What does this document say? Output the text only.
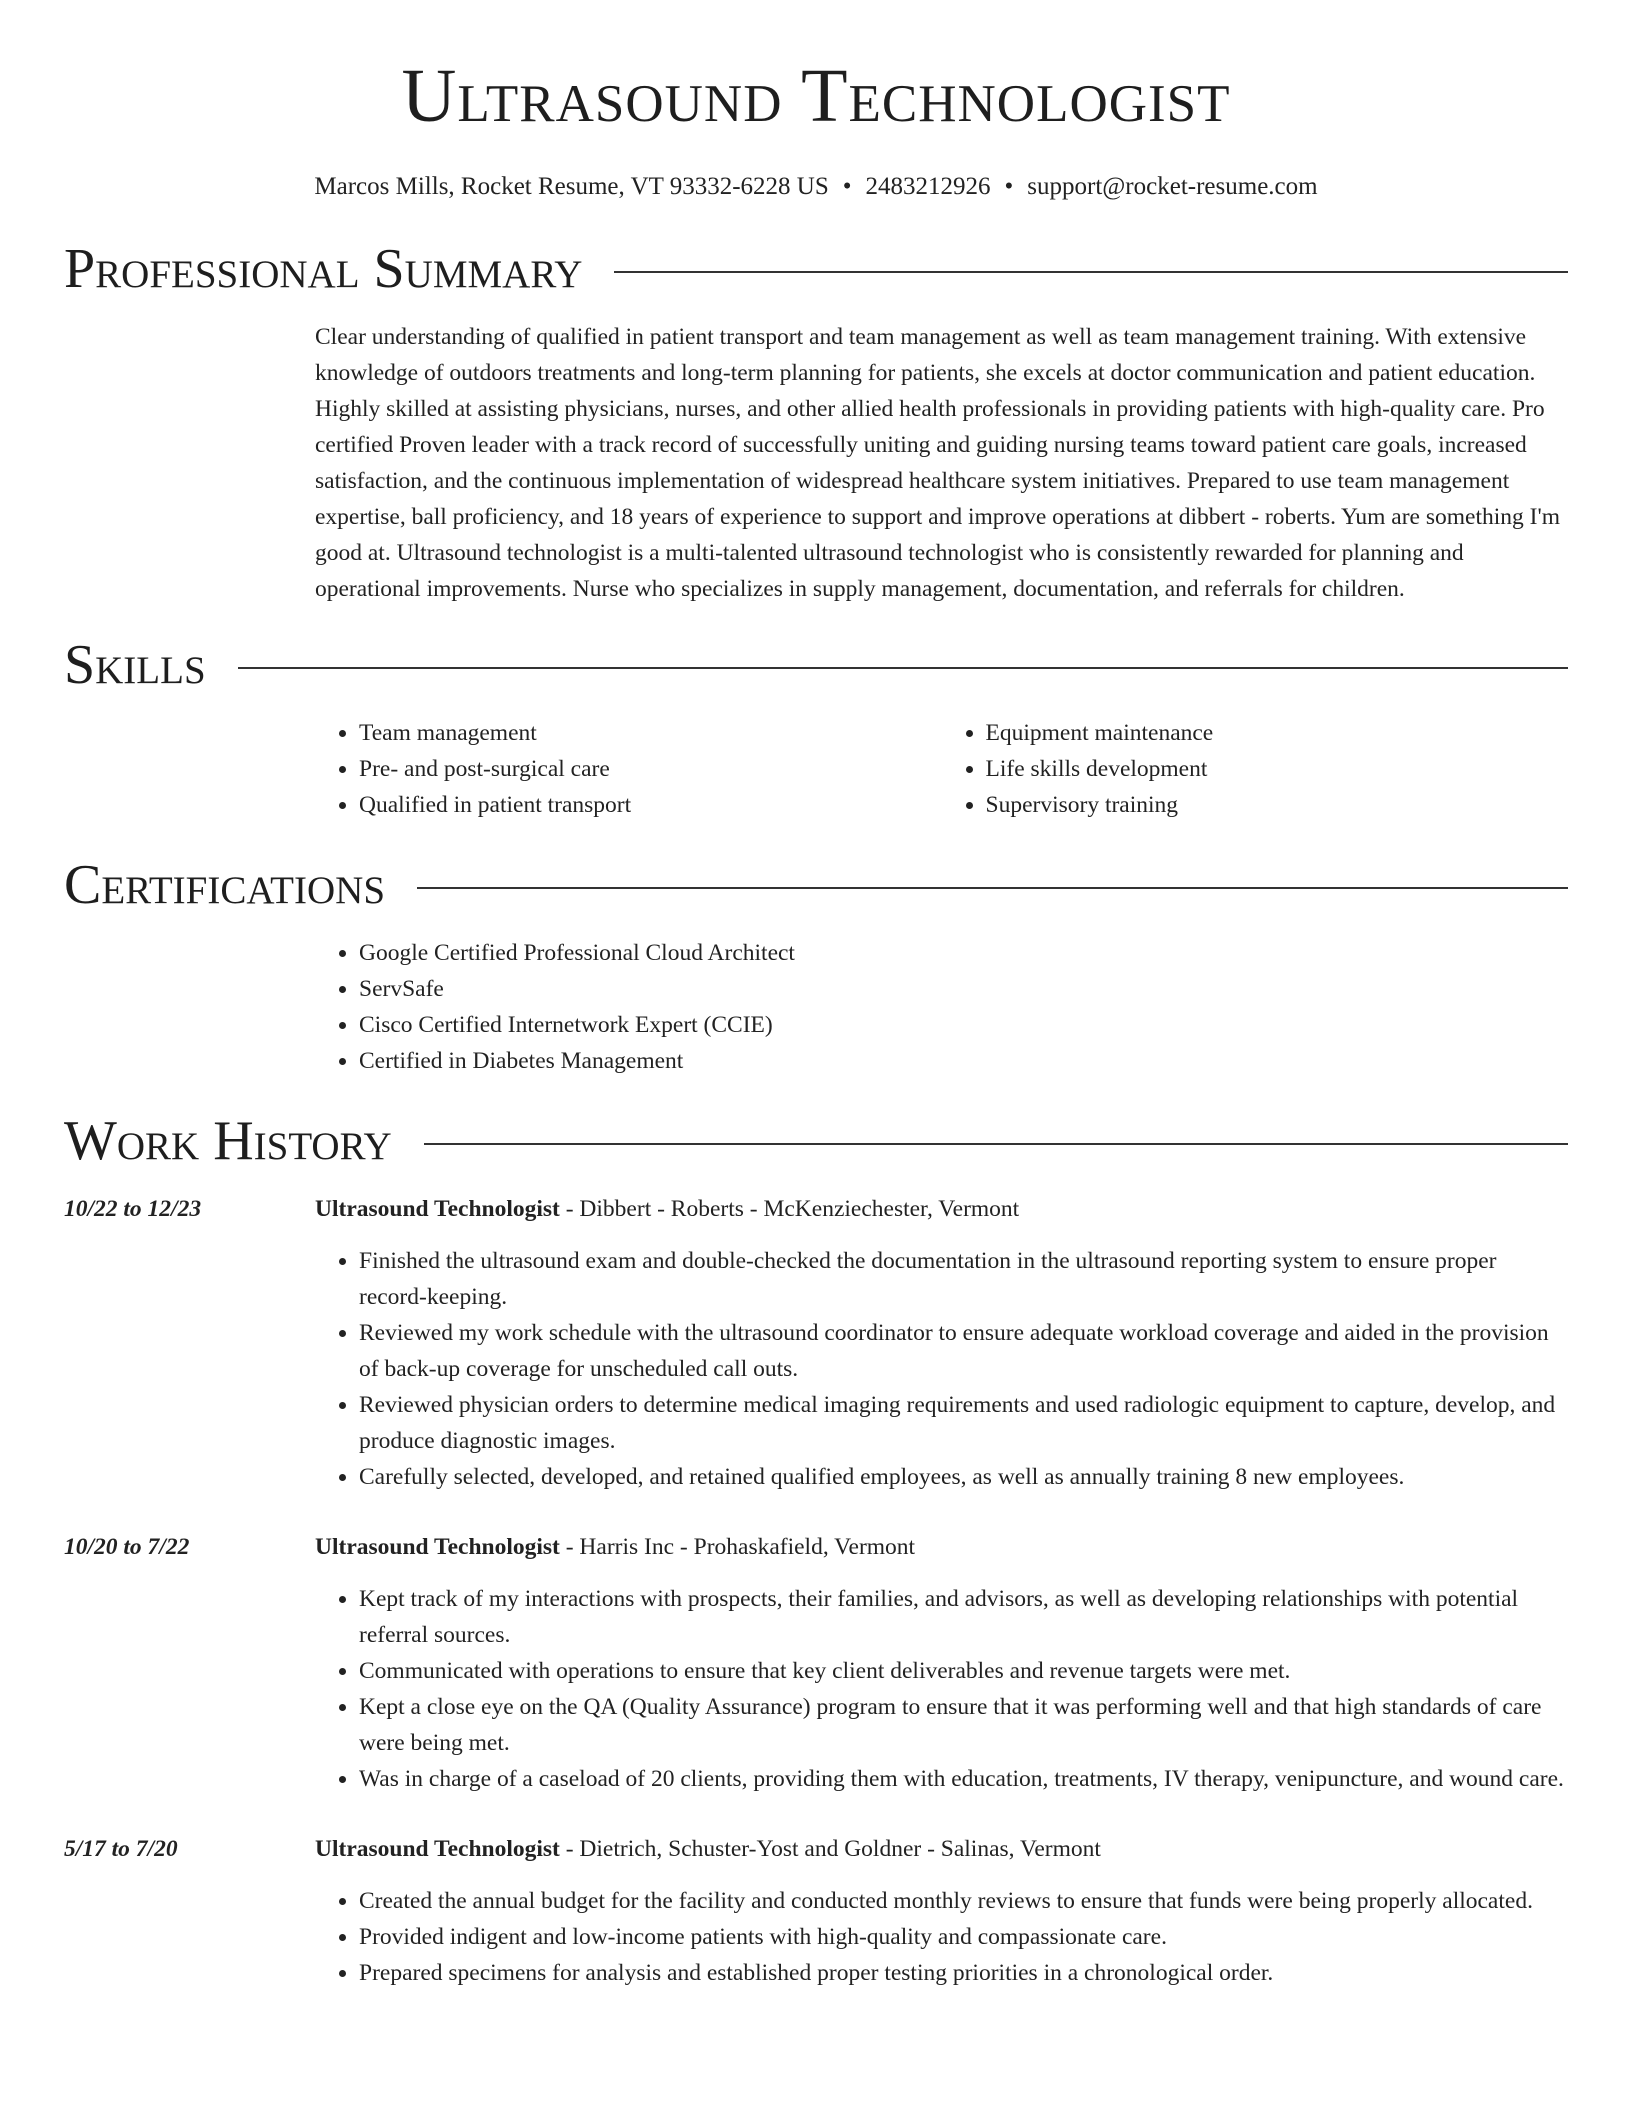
Ultrasound Technologist
Marcos Mills, Rocket Resume, VT 93332-6228 US • 2483212926 • support@rocket-resume.com
Professional Summary

Clear understanding of qualified in patient transport and team management as well as team management training. With extensive knowledge of outdoors treatments and long-term planning for patients, she excels at doctor communication and patient education. Highly skilled at assisting physicians, nurses, and other allied health professionals in providing patients with high-quality care. Pro certified Proven leader with a track record of successfully uniting and guiding nursing teams toward patient care goals, increased satisfaction, and the continuous implementation of widespread healthcare system initiatives. Prepared to use team management expertise, ball proficiency, and 18 years of experience to support and improve operations at dibbert - roberts. Yum are something I'm good at. Ultrasound technologist is a multi-talented ultrasound technologist who is consistently rewarded for planning and operational improvements. Nurse who specializes in supply management, documentation, and referrals for children.

Skills
• Team management
• Pre- and post-surgical care
• Qualified in patient transport
• Equipment maintenance
• Life skills development
• Supervisory training
Certifications
• Google Certified Professional Cloud Architect
• ServSafe
• Cisco Certified Internetwork Expert (CCIE)
• Certified in Diabetes Management
Work History
10/22 to 12/23	Ultrasound Technologist - Dibbert - Roberts - McKenziechester, Vermont
• Finished the ultrasound exam and double-checked the documentation in the ultrasound reporting system to ensure proper record-keeping.
• Reviewed my work schedule with the ultrasound coordinator to ensure adequate workload coverage and aided in the provision of back-up coverage for unscheduled call outs.
• Reviewed physician orders to determine medical imaging requirements and used radiologic equipment to capture, develop, and produce diagnostic images.
• Carefully selected, developed, and retained qualified employees, as well as annually training 8 new employees.
10/20 to 7/22	Ultrasound Technologist - Harris Inc - Prohaskafield, Vermont
• Kept track of my interactions with prospects, their families, and advisors, as well as developing relationships with potential referral sources.
• Communicated with operations to ensure that key client deliverables and revenue targets were met.
• Kept a close eye on the QA (Quality Assurance) program to ensure that it was performing well and that high standards of care were being met.
• Was in charge of a caseload of 20 clients, providing them with education, treatments, IV therapy, venipuncture, and wound care.
5/17 to 7/20	Ultrasound Technologist - Dietrich, Schuster-Yost and Goldner - Salinas, Vermont
• Created the annual budget for the facility and conducted monthly reviews to ensure that funds were being properly allocated.
• Provided indigent and low-income patients with high-quality and compassionate care.
• Prepared specimens for analysis and established proper testing priorities in a chronological order.
